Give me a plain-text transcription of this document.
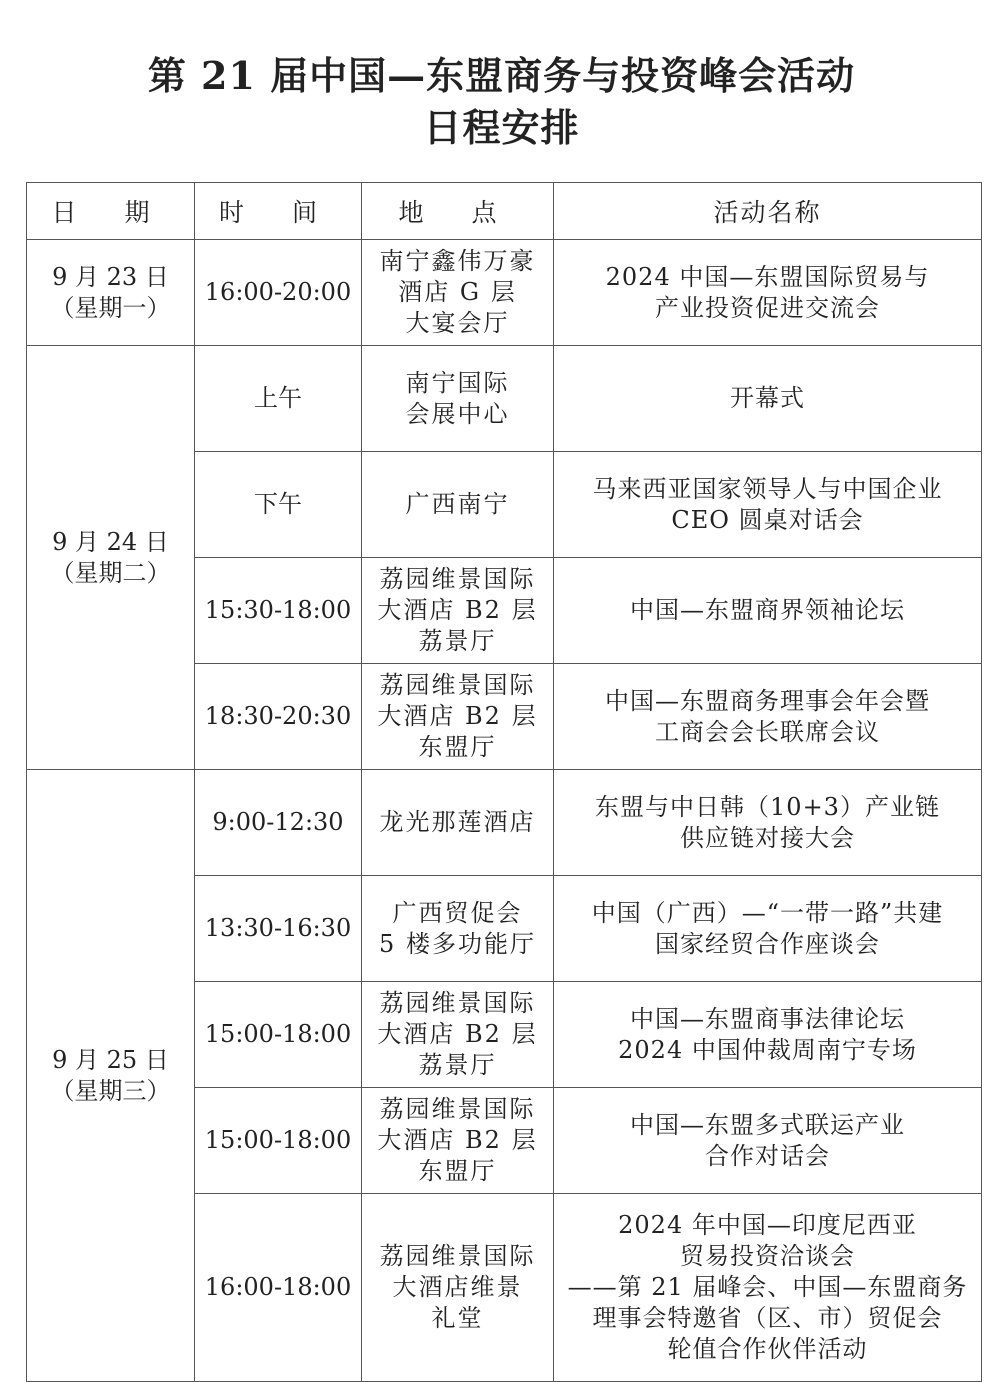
第 21 届中国—东盟商务与投资峰会活动
日程安排
日 期	时 间	地 点	活动名称

9 月 23 日
（星期一）	16:00-20:00	南宁鑫伟万豪
酒店 G 层
大宴会厅	2024 中国—东盟国际贸易与
产业投资促进交流会

9 月 24 日
（星期二）	上午	南宁国际
会展中心	开幕式

	下午	广西南宁	马来西亚国家领导人与中国企业
CEO 圆桌对话会

	15:30-18:00	荔园维景国际
大酒店 B2 层
荔景厅	中国—东盟商界领袖论坛

	18:30-20:30	荔园维景国际
大酒店 B2 层
东盟厅	中国—东盟商务理事会年会暨
工商会会长联席会议

9 月 25 日
（星期三）	9:00-12:30	龙光那莲酒店	东盟与中日韩（10+3）产业链
供应链对接大会

	13:30-16:30	广西贸促会
5 楼多功能厅	中国（广西）—“一带一路”共建
国家经贸合作座谈会

	15:00-18:00	荔园维景国际
大酒店 B2 层
荔景厅	中国—东盟商事法律论坛
2024 中国仲裁周南宁专场

	15:00-18:00	荔园维景国际
大酒店 B2 层
东盟厅	中国—东盟多式联运产业
合作对话会

	16:00-18:00	荔园维景国际
大酒店维景
礼堂	2024 年中国—印度尼西亚
贸易投资洽谈会
——第 21 届峰会、中国—东盟商务
理事会特邀省（区、市）贸促会
轮值合作伙伴活动
